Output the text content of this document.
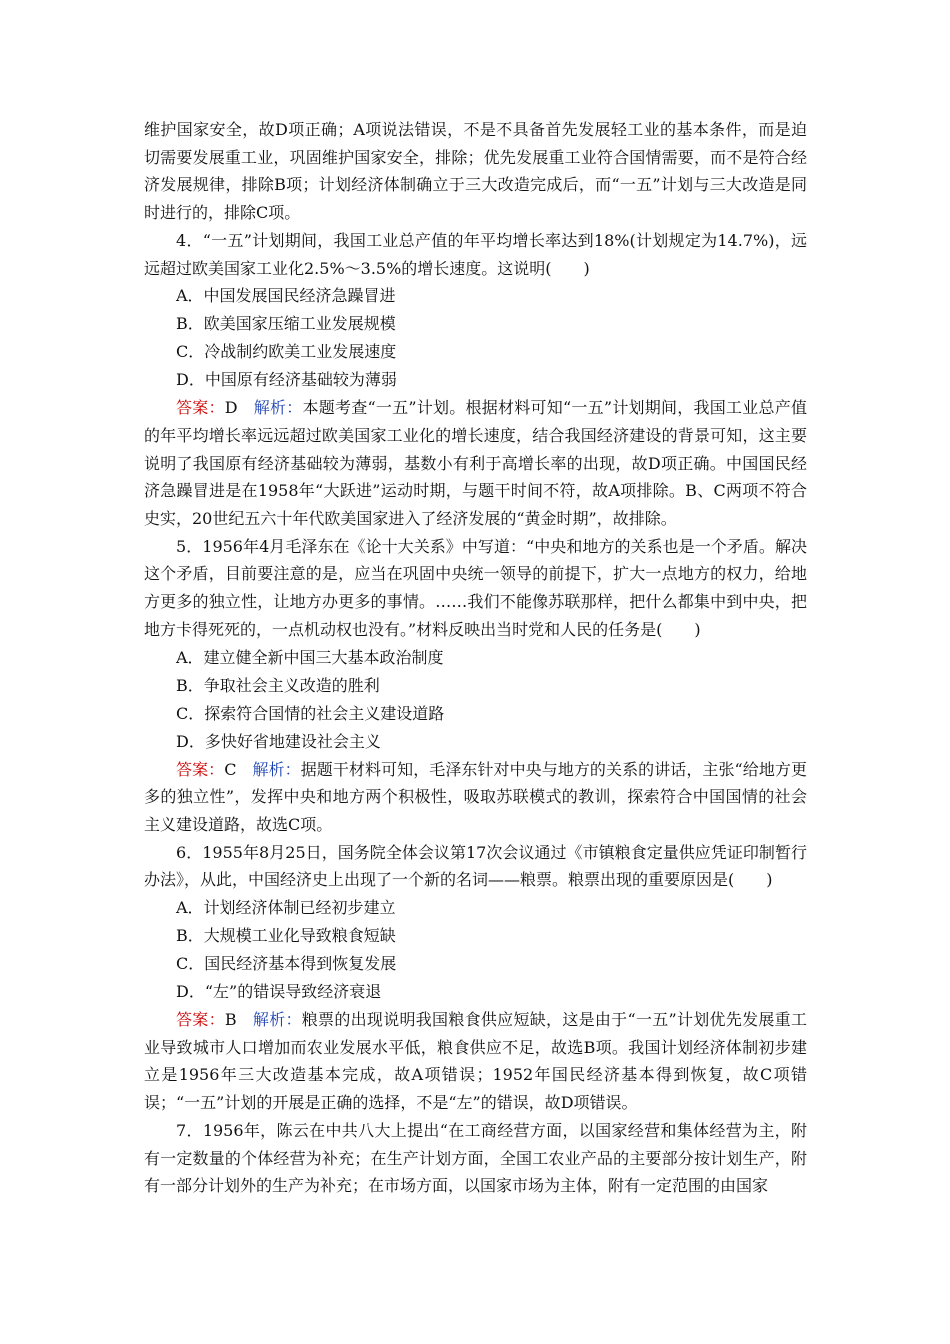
维护国家安全，故D项正确；A项说法错误，不是不具备首先发展轻工业的基本条件，而是迫切需要发展重工业，巩固维护国家安全，排除；优先发展重工业符合国情需要，而不是符合经济发展规律，排除B项；计划经济体制确立于三大改造完成后，而“一五”计划与三大改造是同时进行的，排除C项。

4．“一五”计划期间，我国工业总产值的年平均增长率达到18%(计划规定为14.7%)，远远超过欧美国家工业化2.5%～3.5%的增长速度。这说明(　　)

A．中国发展国民经济急躁冒进

B．欧美国家压缩工业发展规模

C．冷战制约欧美工业发展速度

D．中国原有经济基础较为薄弱

答案：D 解析：本题考查“一五”计划。根据材料可知“一五”计划期间，我国工业总产值的年平均增长率远远超过欧美国家工业化的增长速度，结合我国经济建设的背景可知，这主要说明了我国原有经济基础较为薄弱，基数小有利于高增长率的出现，故D项正确。中国国民经济急躁冒进是在1958年“大跃进”运动时期，与题干时间不符，故A项排除。B、C两项不符合史实，20世纪五六十年代欧美国家进入了经济发展的“黄金时期”，故排除。

5．1956年4月毛泽东在《论十大关系》中写道：“中央和地方的关系也是一个矛盾。解决这个矛盾，目前要注意的是，应当在巩固中央统一领导的前提下，扩大一点地方的权力，给地方更多的独立性，让地方办更多的事情。……我们不能像苏联那样，把什么都集中到中央，把地方卡得死死的，一点机动权也没有。”材料反映出当时党和人民的任务是(　　)

A．建立健全新中国三大基本政治制度

B．争取社会主义改造的胜利

C．探索符合国情的社会主义建设道路

D．多快好省地建设社会主义

答案：C 解析：据题干材料可知，毛泽东针对中央与地方的关系的讲话，主张“给地方更多的独立性”，发挥中央和地方两个积极性，吸取苏联模式的教训，探索符合中国国情的社会主义建设道路，故选C项。

6．1955年8月25日，国务院全体会议第17次会议通过《市镇粮食定量供应凭证印制暂行办法》，从此，中国经济史上出现了一个新的名词——粮票。粮票出现的重要原因是(　　)

A．计划经济体制已经初步建立

B．大规模工业化导致粮食短缺

C．国民经济基本得到恢复发展

D．“左”的错误导致经济衰退

答案：B 解析：粮票的出现说明我国粮食供应短缺，这是由于“一五”计划优先发展重工业导致城市人口增加而农业发展水平低，粮食供应不足，故选B项。我国计划经济体制初步建立是1956年三大改造基本完成，故A项错误；1952年国民经济基本得到恢复，故C项错误；“一五”计划的开展是正确的选择，不是“左”的错误，故D项错误。

7．1956年，陈云在中共八大上提出“在工商经营方面，以国家经营和集体经营为主，附有一定数量的个体经营为补充；在生产计划方面，全国工农业产品的主要部分按计划生产，附有一部分计划外的生产为补充；在市场方面，以国家市场为主体，附有一定范围的由国家
